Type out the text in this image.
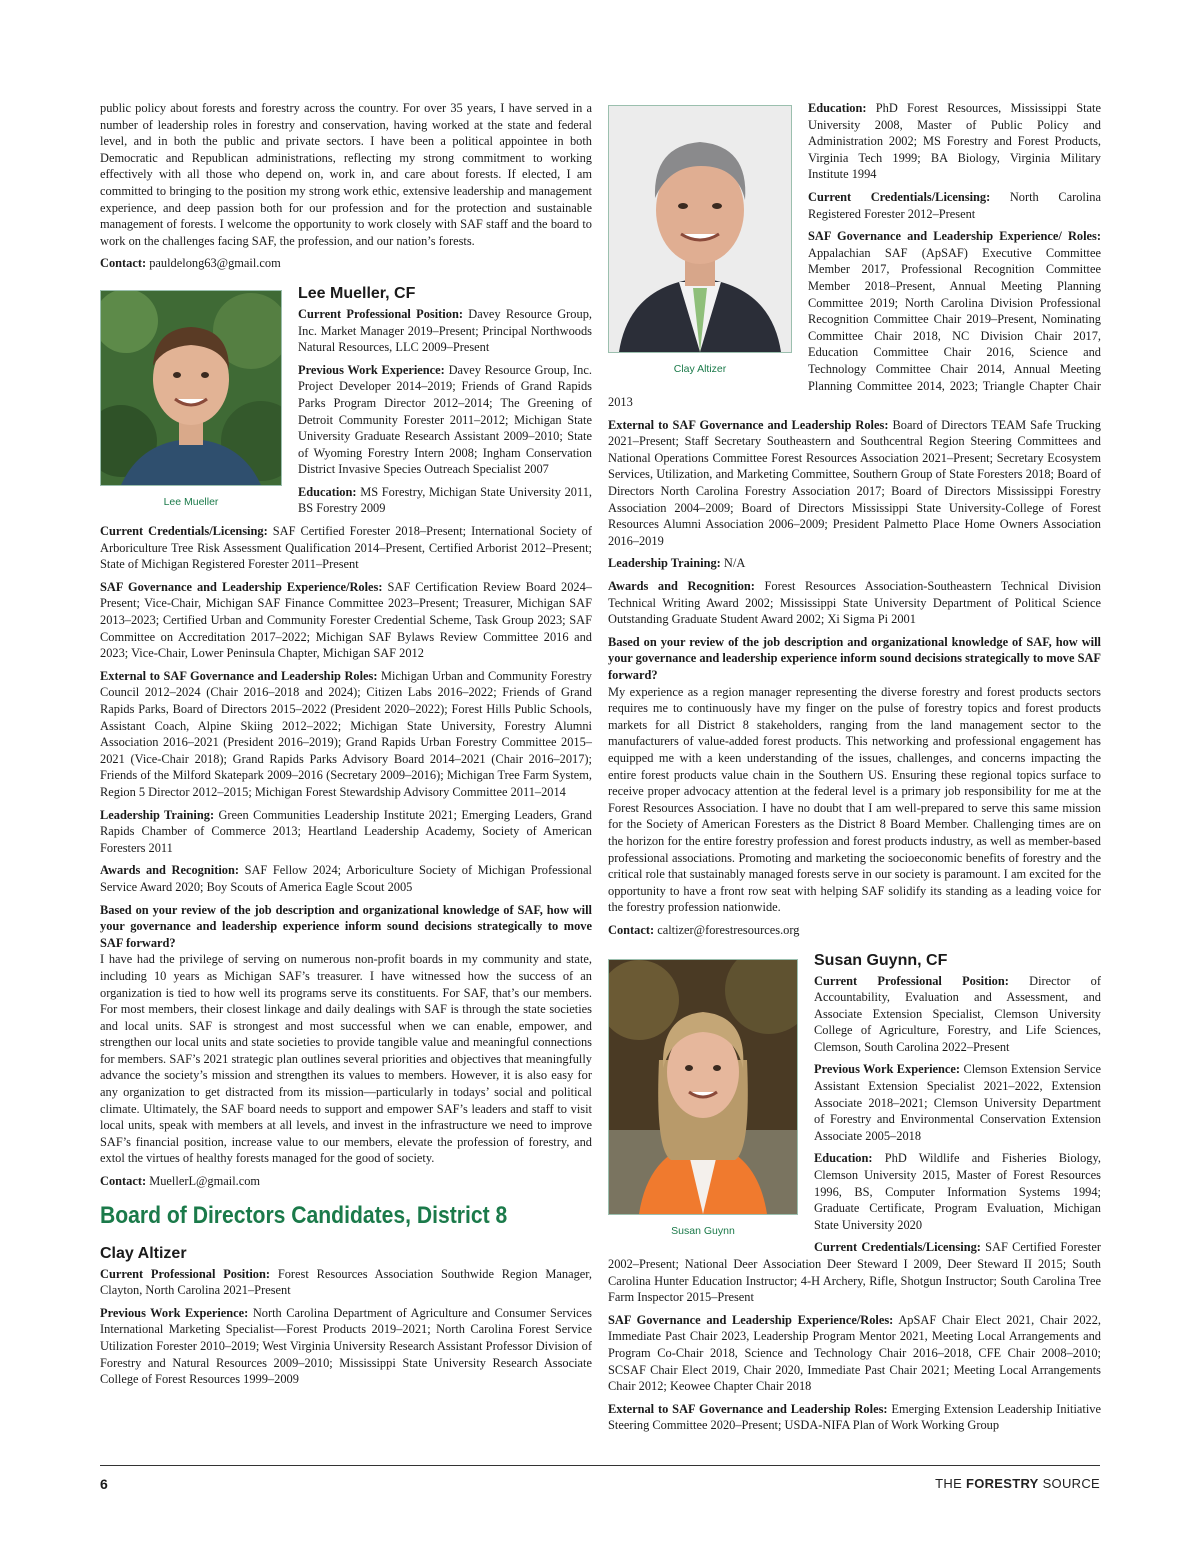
public policy about forests and forestry across the country. For over 35 years, I have served in a number of leadership roles in forestry and conservation, having worked at the state and federal level, and in both the public and private sectors. I have been a political appointee in both Democratic and Republican administrations, reflecting my strong commitment to working effectively with all those who depend on, work in, and care about forests. If elected, I am committed to bringing to the position my strong work ethic, extensive leadership and management experience, and deep passion both for our profession and for the protection and sustainable management of forests. I welcome the opportunity to work closely with SAF staff and the board to work on the challenges facing SAF, the profession, and our nation’s forests.

Contact: pauldelong63@gmail.com

Lee Mueller
Lee Mueller, CF

Current Professional Position: Davey Resource Group, Inc. Market Manager 2019–Present; Principal Northwoods Natural Resources, LLC 2009–Present

Previous Work Experience: Davey Resource Group, Inc. Project Developer 2014–2019; Friends of Grand Rapids Parks Program Director 2012–2014; The Greening of Detroit Community Forester 2011–2012; Michigan State University Graduate Research Assistant 2009–2010; State of Wyoming Forestry Intern 2008; Ingham Conservation District Invasive Species Outreach Specialist 2007

Education: MS Forestry, Michigan State University 2011, BS Forestry 2009

Current Credentials/Licensing: SAF Certified Forester 2018–Present; International Society of Arboriculture Tree Risk Assessment Qualification 2014–Present, Certified Arborist 2012–Present; State of Michigan Registered Forester 2011–Present

SAF Governance and Leadership Experience/Roles: SAF Certification Review Board 2024–Present; Vice-Chair, Michigan SAF Finance Committee 2023–Present; Treasurer, Michigan SAF 2013–2023; Certified Urban and Community Forester Credential Scheme, Task Group 2023; SAF Committee on Accreditation 2017–2022; Michigan SAF Bylaws Review Committee 2016 and 2023; Vice-Chair, Lower Peninsula Chapter, Michigan SAF 2012

External to SAF Governance and Leadership Roles: Michigan Urban and Community Forestry Council 2012–2024 (Chair 2016–2018 and 2024); Citizen Labs 2016–2022; Friends of Grand Rapids Parks, Board of Directors 2015–2022 (President 2020–2022); Forest Hills Public Schools, Assistant Coach, Alpine Skiing 2012–2022; Michigan State University, Forestry Alumni Association 2016–2021 (President 2016–2019); Grand Rapids Urban Forestry Committee 2015–2021 (Vice-Chair 2018); Grand Rapids Parks Advisory Board 2014–2021 (Chair 2016–2017); Friends of the Milford Skatepark 2009–2016 (Secretary 2009–2016); Michigan Tree Farm System, Region 5 Director 2012–2015; Michigan Forest Stewardship Advisory Committee 2011–2014

Leadership Training: Green Communities Leadership Institute 2021; Emerging Leaders, Grand Rapids Chamber of Commerce 2013; Heartland Leadership Academy, Society of American Foresters 2011

Awards and Recognition: SAF Fellow 2024; Arboriculture Society of Michigan Professional Service Award 2020; Boy Scouts of America Eagle Scout 2005

Based on your review of the job description and organizational knowledge of SAF, how will your governance and leadership experience inform sound decisions strategically to move SAF forward?

I have had the privilege of serving on numerous non-profit boards in my community and state, including 10 years as Michigan SAF’s treasurer. I have witnessed how the success of an organization is tied to how well its programs serve its constituents. For SAF, that’s our members. For most members, their closest linkage and daily dealings with SAF is through the state societies and local units. SAF is strongest and most successful when we can enable, empower, and strengthen our local units and state societies to provide tangible value and meaningful connections for members. SAF’s 2021 strategic plan outlines several priorities and objectives that meaningfully advance the society’s mission and strengthen its values to members. However, it is also easy for any organization to get distracted from its mission—particularly in todays’ social and political climate. Ultimately, the SAF board needs to support and empower SAF’s leaders and staff to visit local units, speak with members at all levels, and invest in the infrastructure we need to improve SAF’s financial position, increase value to our members, elevate the profession of forestry, and extol the virtues of healthy forests managed for the good of society.

Contact: MuellerL@gmail.com

Board of Directors Candidates, District 8
Clay Altizer

Current Professional Position: Forest Resources Association Southwide Region Manager, Clayton, North Carolina 2021–Present

Previous Work Experience: North Carolina Department of Agriculture and Consumer Services International Marketing Specialist—Forest Products 2019–2021; North Carolina Forest Service Utilization Forester 2010–2019; West Virginia University Research Assistant Professor Division of Forestry and Natural Resources 2009–2010; Mississippi State University Research Associate College of Forest Resources 1999–2009

Clay Altizer

Education: PhD Forest Resources, Mississippi State University 2008, Master of Public Policy and Administration 2002; MS Forestry and Forest Products, Virginia Tech 1999; BA Biology, Virginia Military Institute 1994

Current Credentials/Licensing: North Carolina Registered Forester 2012–Present

SAF Governance and Leadership Experience/ Roles: Appalachian SAF (ApSAF) Executive Committee Member 2017, Professional Recognition Committee Member 2018–Present, Annual Meeting Planning Committee 2019; North Carolina Division Professional Recognition Committee Chair 2019–Present, Nominating Committee Chair 2018, NC Division Chair 2017, Education Committee Chair 2016, Science and Technology Committee Chair 2014, Annual Meeting Planning Committee 2014, 2023; Triangle Chapter Chair 2013

External to SAF Governance and Leadership Roles: Board of Directors TEAM Safe Trucking 2021–Present; Staff Secretary Southeastern and Southcentral Region Steering Committees and National Operations Committee Forest Resources Association 2021–Present; Secretary Ecosystem Services, Utilization, and Marketing Committee, Southern Group of State Foresters 2018; Board of Directors North Carolina Forestry Association 2017; Board of Directors Mississippi Forestry Association 2004–2009; Board of Directors Mississippi State University-College of Forest Resources Alumni Association 2006–2009; President Palmetto Place Home Owners Association 2016–2019

Leadership Training: N/A

Awards and Recognition: Forest Resources Association-Southeastern Technical Division Technical Writing Award 2002; Mississippi State University Department of Political Science Outstanding Graduate Student Award 2002; Xi Sigma Pi 2001

Based on your review of the job description and organizational knowledge of SAF, how will your governance and leadership experience inform sound decisions strategically to move SAF forward?

My experience as a region manager representing the diverse forestry and forest products sectors requires me to continuously have my finger on the pulse of forestry topics and forest products markets for all District 8 stakeholders, ranging from the land management sector to the manufacturers of value-added forest products. This networking and professional engagement has equipped me with a keen understanding of the issues, challenges, and concerns impacting the entire forest products value chain in the Southern US. Ensuring these regional topics surface to receive proper advocacy attention at the federal level is a primary job responsibility for me at the Forest Resources Association. I have no doubt that I am well-prepared to serve this same mission for the Society of American Foresters as the District 8 Board Member. Challenging times are on the horizon for the entire forestry profession and forest products industry, as well as member-based professional associations. Promoting and marketing the socioeconomic benefits of forestry and the critical role that sustainably managed forests serve in our society is paramount. I am excited for the opportunity to have a front row seat with helping SAF solidify its standing as a leading voice for the forestry profession nationwide.

Contact: caltizer@forestresources.org

Susan Guynn
Susan Guynn, CF

Current Professional Position: Director of Accountability, Evaluation and Assessment, and Associate Extension Specialist, Clemson University College of Agriculture, Forestry, and Life Sciences, Clemson, South Carolina 2022–Present

Previous Work Experience: Clemson Extension Service Assistant Extension Specialist 2021–2022, Extension Associate 2018–2021; Clemson University Department of Forestry and Environmental Conservation Extension Associate 2005–2018

Education: PhD Wildlife and Fisheries Biology, Clemson University 2015, Master of Forest Resources 1996, BS, Computer Information Systems 1994; Graduate Certificate, Program Evaluation, Michigan State University 2020

Current Credentials/Licensing: SAF Certified Forester 2002–Present; National Deer Association Deer Steward I 2009, Deer Steward II 2015; South Carolina Hunter Education Instructor; 4-H Archery, Rifle, Shotgun Instructor; South Carolina Tree Farm Inspector 2015–Present

SAF Governance and Leadership Experience/Roles: ApSAF Chair Elect 2021, Chair 2022, Immediate Past Chair 2023, Leadership Program Mentor 2021, Meeting Local Arrangements and Program Co-Chair 2018, Science and Technology Chair 2016–2018, CFE Chair 2008–2010; SCSAF Chair Elect 2019, Chair 2020, Immediate Past Chair 2021; Meeting Local Arrangements Chair 2012; Keowee Chapter Chair 2018

External to SAF Governance and Leadership Roles: Emerging Extension Leadership Initiative Steering Committee 2020–Present; USDA-NIFA Plan of Work Working Group

6	THE FORESTRY SOURCE
